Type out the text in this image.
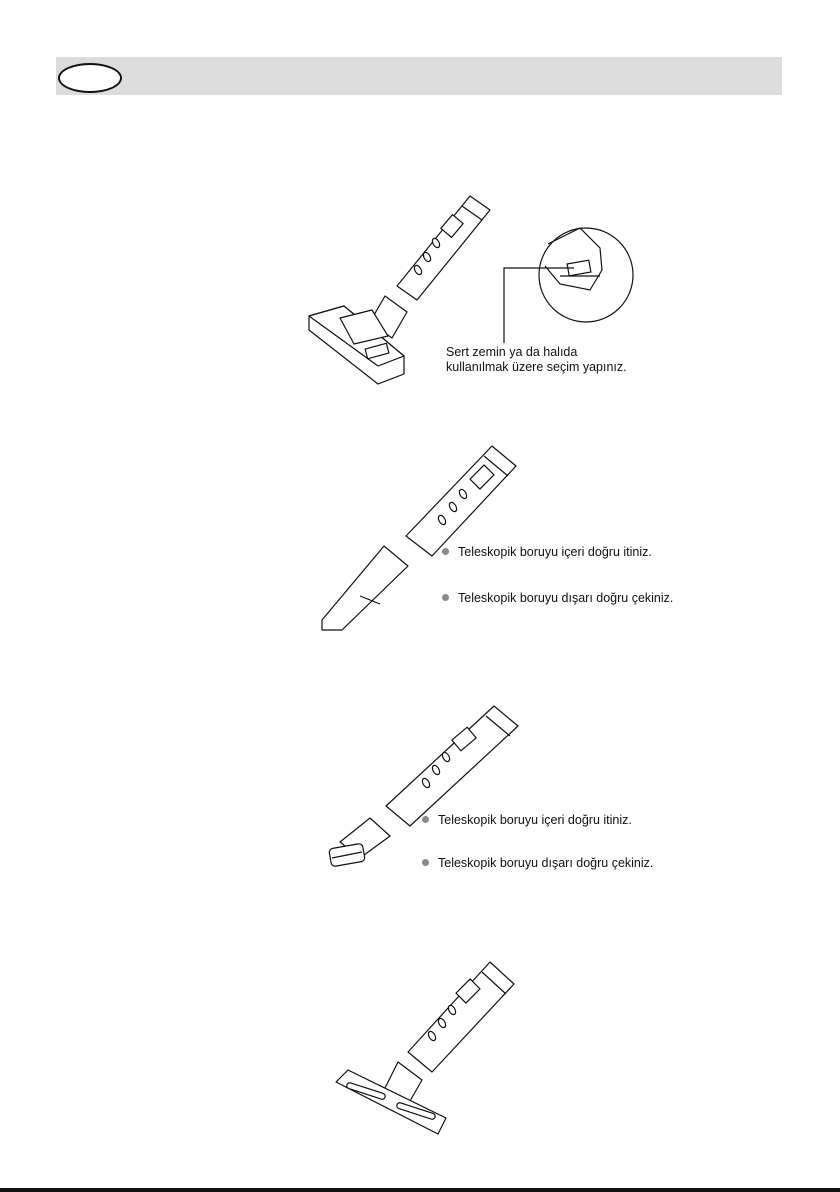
Sert zemin ya da halıda
kullanılmak üzere seçim yapınız.
Teleskopik boruyu içeri doğru itiniz.
Teleskopik boruyu dışarı doğru çekiniz.
Teleskopik boruyu içeri doğru itiniz.
Teleskopik boruyu dışarı doğru çekiniz.
